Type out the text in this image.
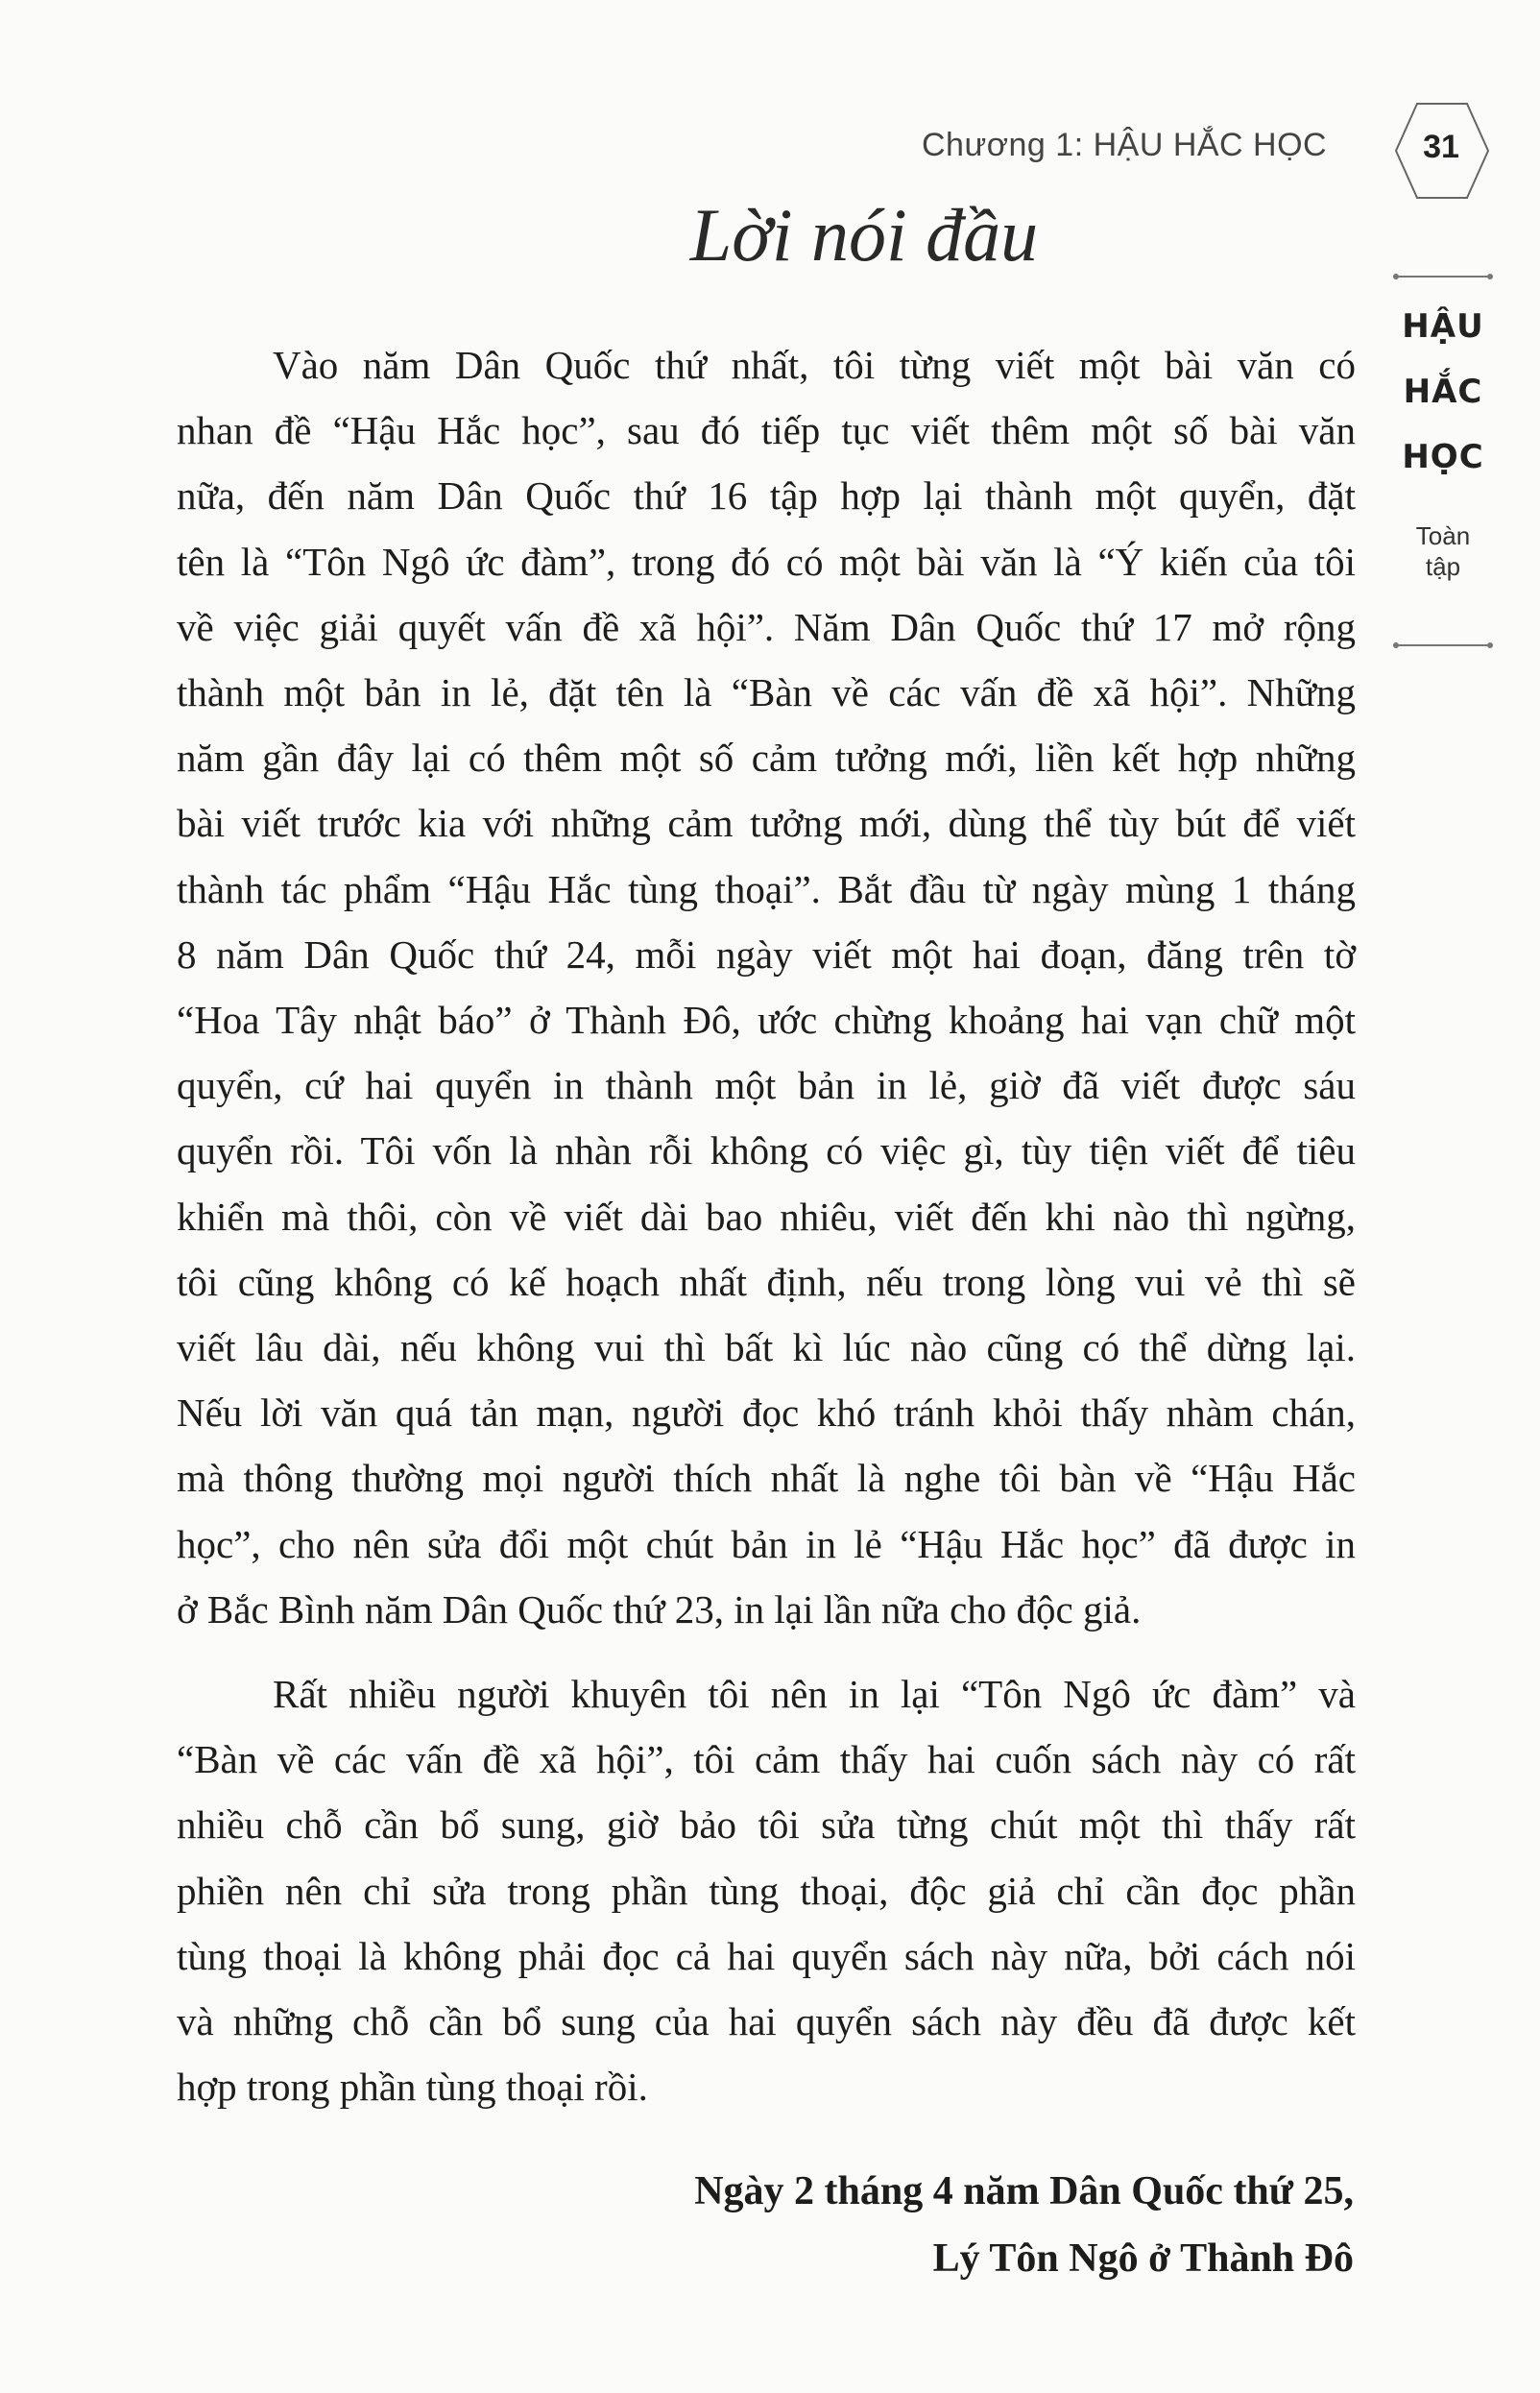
Chương 1: HẬU HẮC HỌC	31
HẬU
HẮC
HỌC
Toàn
tập
Lời nói đầu

Vào năm Dân Quốc thứ nhất, tôi từng viết một bài văn có
nhan đề “Hậu Hắc học”, sau đó tiếp tục viết thêm một số bài văn
nữa, đến năm Dân Quốc thứ 16 tập hợp lại thành một quyển, đặt
tên là “Tôn Ngô ức đàm”, trong đó có một bài văn là “Ý kiến của tôi
về việc giải quyết vấn đề xã hội”. Năm Dân Quốc thứ 17 mở rộng
thành một bản in lẻ, đặt tên là “Bàn về các vấn đề xã hội”. Những
năm gần đây lại có thêm một số cảm tưởng mới, liền kết hợp những
bài viết trước kia với những cảm tưởng mới, dùng thể tùy bút để viết
thành tác phẩm “Hậu Hắc tùng thoại”. Bắt đầu từ ngày mùng 1 tháng
8 năm Dân Quốc thứ 24, mỗi ngày viết một hai đoạn, đăng trên tờ
“Hoa Tây nhật báo” ở Thành Đô, ước chừng khoảng hai vạn chữ một
quyển, cứ hai quyển in thành một bản in lẻ, giờ đã viết được sáu
quyển rồi. Tôi vốn là nhàn rỗi không có việc gì, tùy tiện viết để tiêu
khiển mà thôi, còn về viết dài bao nhiêu, viết đến khi nào thì ngừng,
tôi cũng không có kế hoạch nhất định, nếu trong lòng vui vẻ thì sẽ
viết lâu dài, nếu không vui thì bất kì lúc nào cũng có thể dừng lại.
Nếu lời văn quá tản mạn, người đọc khó tránh khỏi thấy nhàm chán,
mà thông thường mọi người thích nhất là nghe tôi bàn về “Hậu Hắc
học”, cho nên sửa đổi một chút bản in lẻ “Hậu Hắc học” đã được in
ở Bắc Bình năm Dân Quốc thứ 23, in lại lần nữa cho độc giả.

Rất nhiều người khuyên tôi nên in lại “Tôn Ngô ức đàm” và
“Bàn về các vấn đề xã hội”, tôi cảm thấy hai cuốn sách này có rất
nhiều chỗ cần bổ sung, giờ bảo tôi sửa từng chút một thì thấy rất
phiền nên chỉ sửa trong phần tùng thoại, độc giả chỉ cần đọc phần
tùng thoại là không phải đọc cả hai quyển sách này nữa, bởi cách nói
và những chỗ cần bổ sung của hai quyển sách này đều đã được kết
hợp trong phần tùng thoại rồi.

Ngày 2 tháng 4 năm Dân Quốc thứ 25,
Lý Tôn Ngô ở Thành Đô
